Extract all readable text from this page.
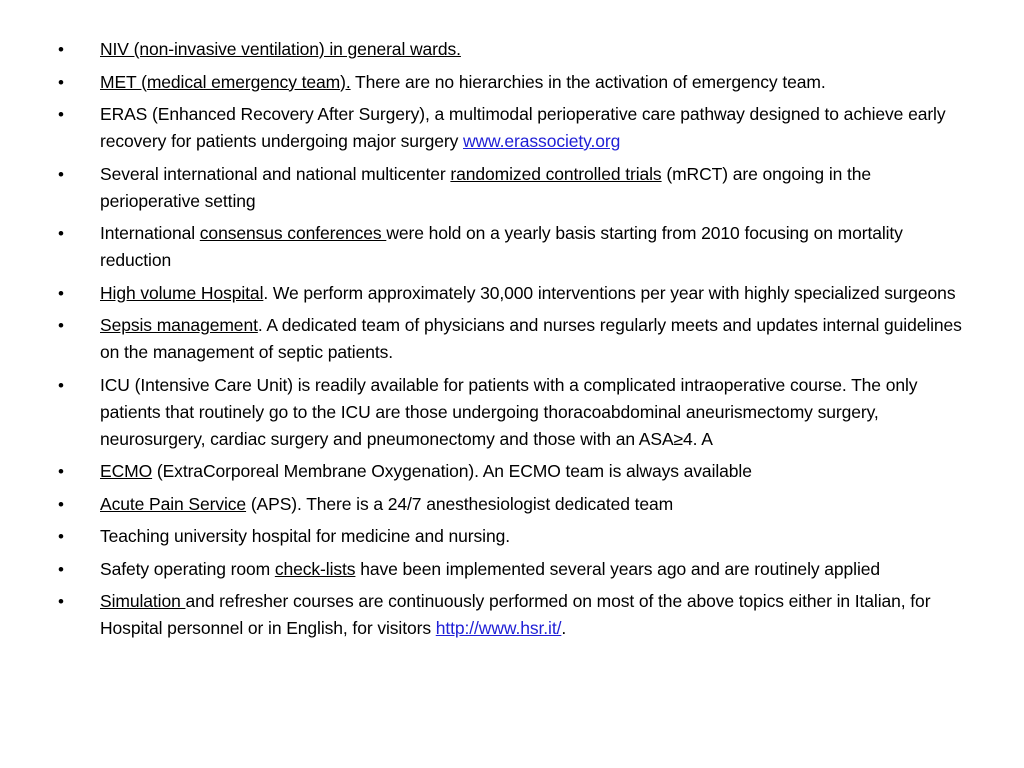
• NIV (non-invasive ventilation) in general wards.
• MET (medical emergency team). There are no hierarchies in the activation of emergency team.
• ERAS (Enhanced Recovery After Surgery), a multimodal perioperative care pathway designed to achieve early recovery for patients undergoing major surgery www.erassociety.org
• Several international and national multicenter randomized controlled trials (mRCT) are ongoing in the perioperative setting
• International consensus conferences were hold on a yearly basis starting from 2010 focusing on mortality reduction
• High volume Hospital. We perform approximately 30,000 interventions per year with highly specialized surgeons
• Sepsis management. A dedicated team of physicians and nurses regularly meets and updates internal guidelines on the management of septic patients.
• ICU (Intensive Care Unit) is readily available for patients with a complicated intraoperative course. The only patients that routinely go to the ICU are those undergoing thoracoabdominal aneurismectomy surgery, neurosurgery, cardiac surgery and pneumonectomy and those with an ASA≥4. A
• ECMO (ExtraCorporeal Membrane Oxygenation). An ECMO team is always available
• Acute Pain Service (APS). There is a 24/7 anesthesiologist dedicated team
• Teaching university hospital for medicine and nursing.
• Safety operating room check-lists have been implemented several years ago and are routinely applied
• Simulation and refresher courses are continuously performed on most of the above topics either in Italian, for Hospital personnel or in English, for visitors http://www.hsr.it/.
